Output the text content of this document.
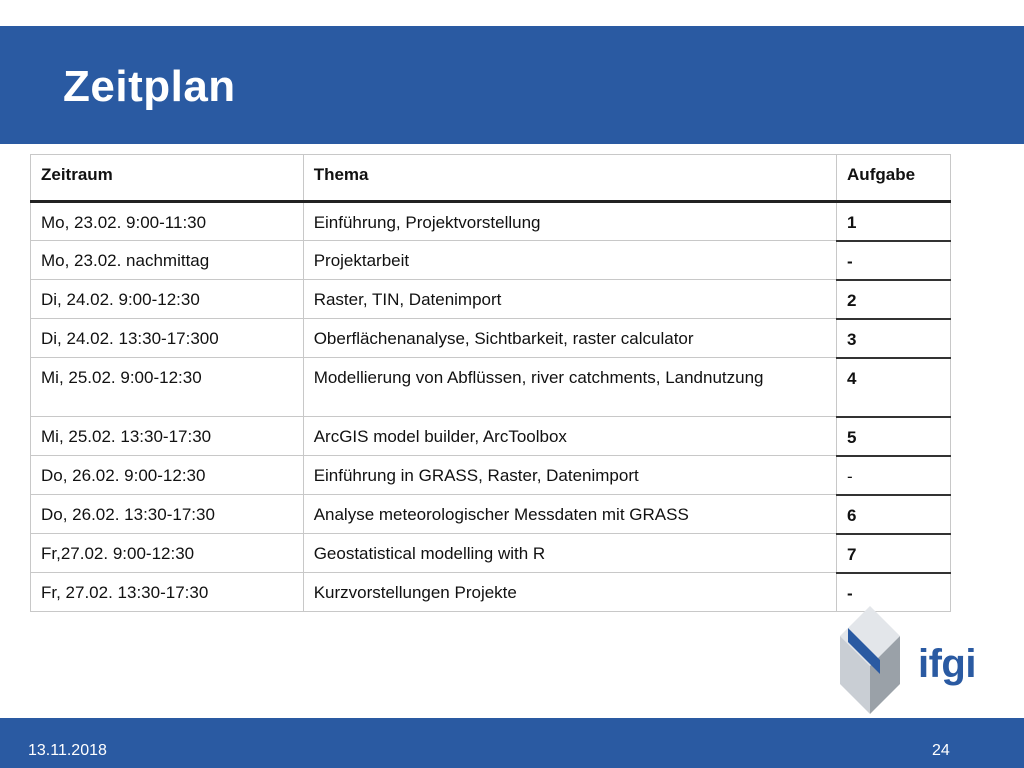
Zeitplan
Zeitraum	Thema	Aufgabe
Mo, 23.02. 9:00-11:30	Einführung, Projektvorstellung	1
Mo, 23.02. nachmittag	Projektarbeit	-
Di, 24.02. 9:00-12:30	Raster, TIN, Datenimport	2
Di, 24.02. 13:30-17:300	Oberflächenanalyse, Sichtbarkeit, raster calculator	3
Mi, 25.02. 9:00-12:30	Modellierung von Abflüssen, river catchments, Landnutzung	4
Mi, 25.02. 13:30-17:30	ArcGIS model builder, ArcToolbox	5
Do, 26.02. 9:00-12:30	Einführung in GRASS, Raster, Datenimport	-
Do, 26.02. 13:30-17:30	Analyse meteorologischer Messdaten mit GRASS	6
Fr,27.02. 9:00-12:30	Geostatistical modelling with R	7
Fr, 27.02. 13:30-17:30	Kurzvorstellungen Projekte	-

ifgi

13.11.2018	24
